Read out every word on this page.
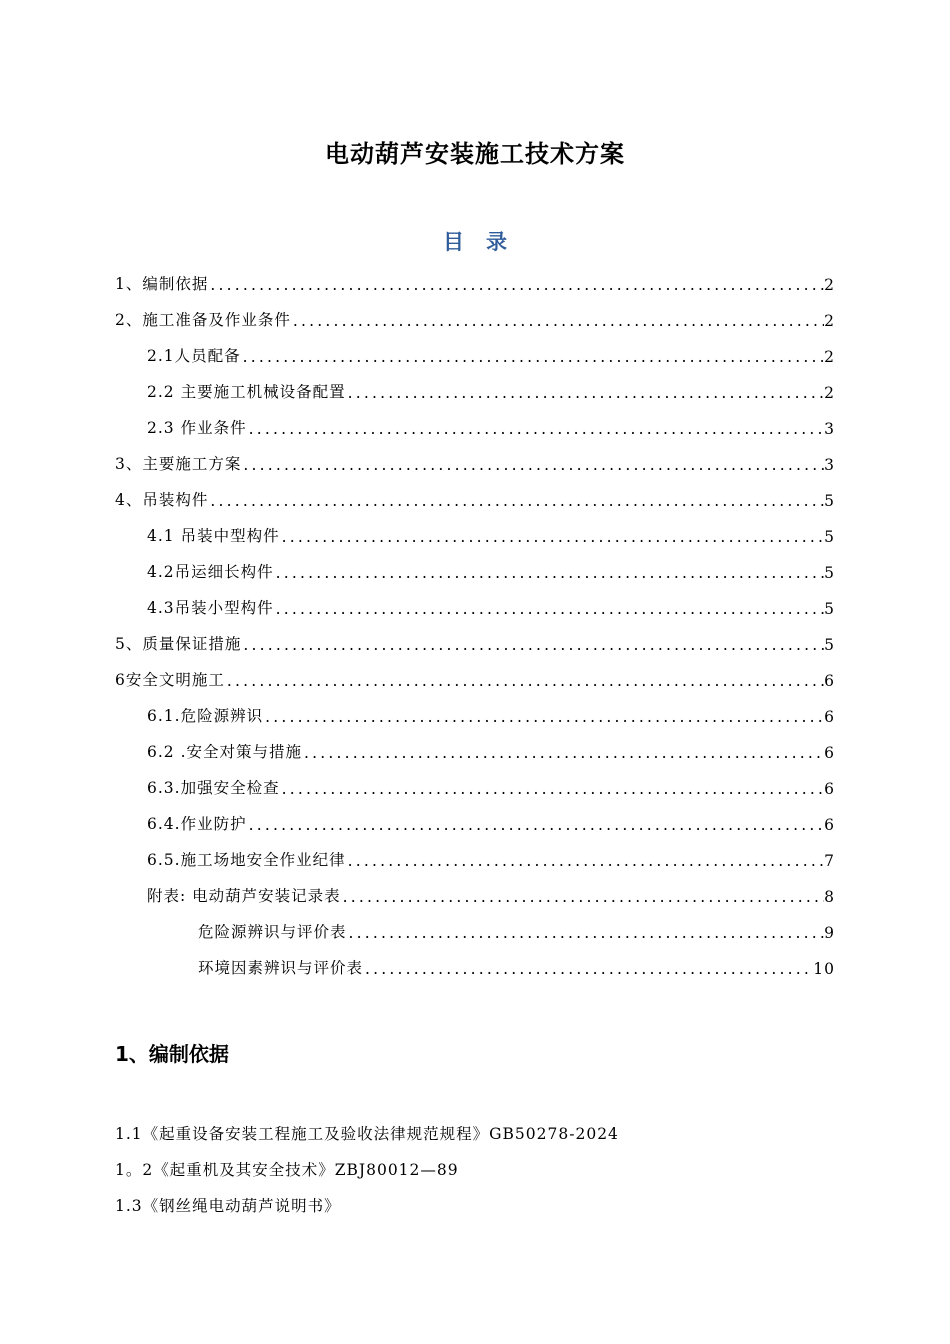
电动葫芦安装施工技术方案
目录
1、编制依据 .....	2
2、施工准备及作业条件 .....	2
2.1人员配备 .....	2
2.2 主要施工机械设备配置 .....	2
2.3 作业条件 .....	3
3、主要施工方案 .....	3
4、吊装构件 .....	5
4.1 吊装中型构件 .....	5
4.2吊运细长构件 .....	5
4.3吊装小型构件 .....	5
5、质量保证措施 .....	5
6安全文明施工 .....	6
6.1.危险源辨识 .....	6
6.2 .安全对策与措施 .....	6
6.3.加强安全检查 .....	6
6.4.作业防护 .....	6
6.5.施工场地安全作业纪律 .....	7
附表: 电动葫芦安装记录表 .....	8
危险源辨识与评价表 .....	9
环境因素辨识与评价表 .....	10
1、编制依据
1.1《起重设备安装工程施工及验收法律规范规程》GB50278-2024
1。2《起重机及其安全技术》ZBJ80012—89
1.3《钢丝绳电动葫芦说明书》
